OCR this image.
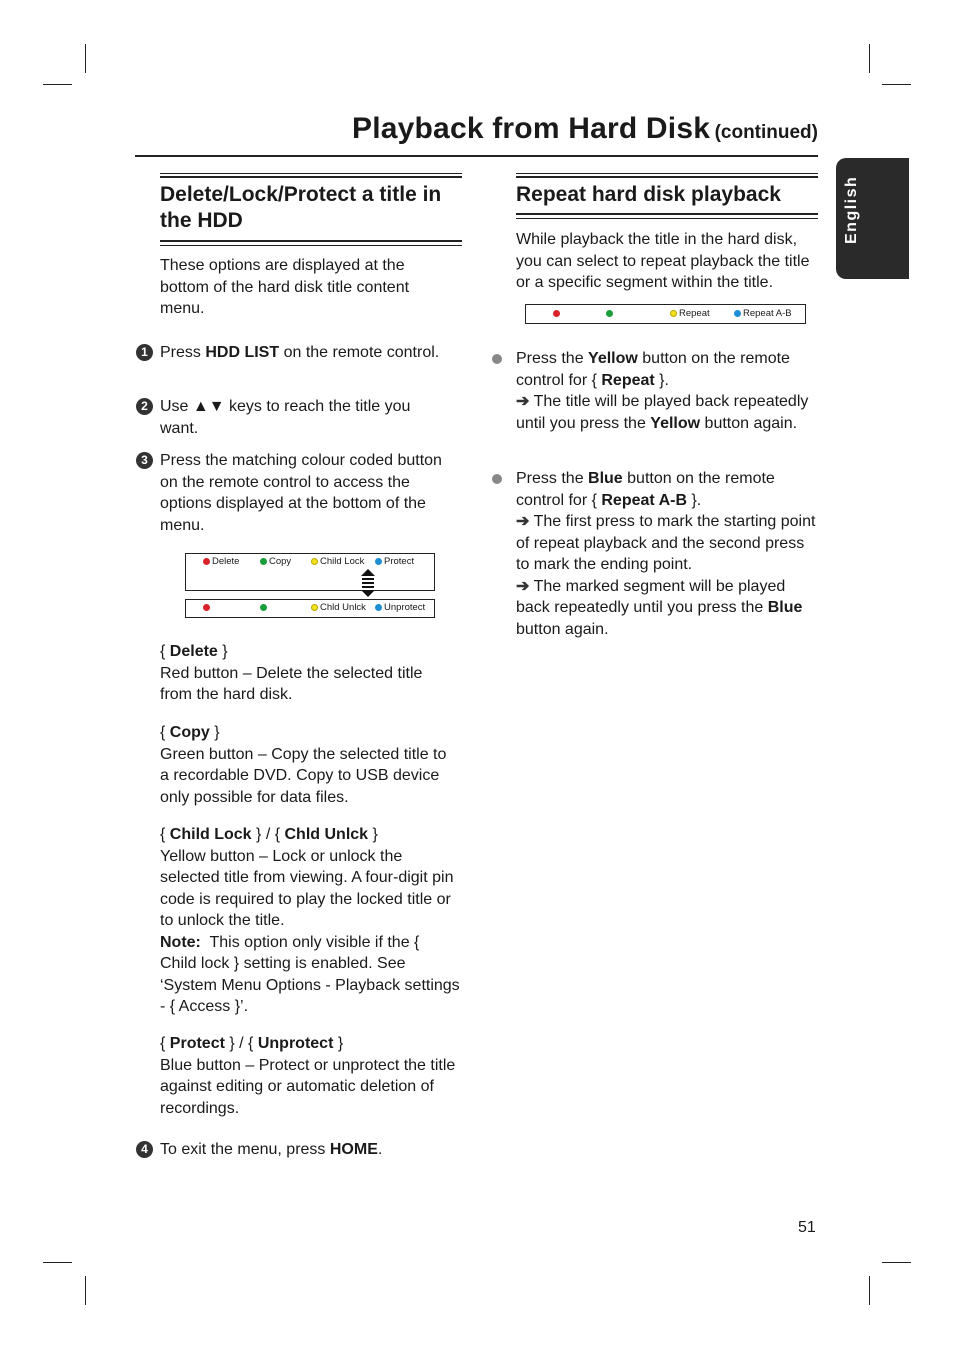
Playback from Hard Disk (continued)
English
Delete/Lock/Protect a title in the HDD
These options are displayed at the bottom of the hard disk title content menu.
1 Press HDD LIST on the remote control.
2 Use ▲▼ keys to reach the title you want.
3 Press the matching colour coded button on the remote control to access the options displayed at the bottom of the menu.
Delete	Copy	Child Lock	Protect
Chld Unlck	Unprotect
{ Delete }
Red button – Delete the selected title from the hard disk.
{ Copy }
Green button – Copy the selected title to a recordable DVD. Copy to USB device only possible for data files.
{ Child Lock } / { Chld Unlck }
Yellow button – Lock or unlock the selected title from viewing. A four-digit pin code is required to play the locked title or to unlock the title.
Note: This option only visible if the { Child lock } setting is enabled. See ‘System Menu Options - Playback settings - { Access }’.
{ Protect } / { Unprotect }
Blue button – Protect or unprotect the title against editing or automatic deletion of recordings.
4 To exit the menu, press HOME.
Repeat hard disk playback
While playback the title in the hard disk, you can select to repeat playback the title or a specific segment within the title.
Repeat	Repeat A-B
Press the Yellow button on the remote control for { Repeat }.
➔ The title will be played back repeatedly until you press the Yellow button again.
Press the Blue button on the remote control for { Repeat A-B }.
➔ The first press to mark the starting point of repeat playback and the second press to mark the ending point.
➔ The marked segment will be played back repeatedly until you press the Blue button again.
51
